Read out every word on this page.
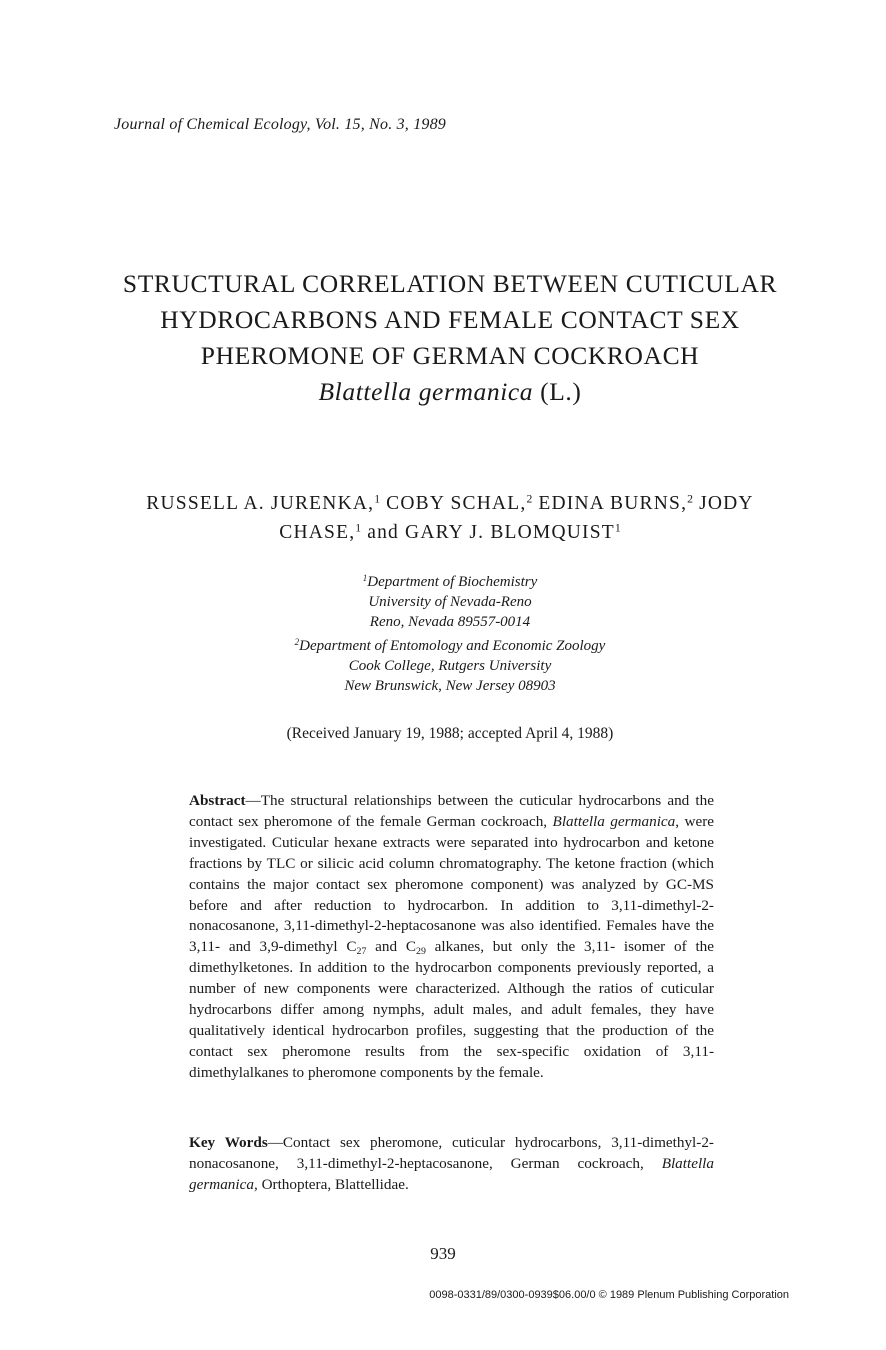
Journal of Chemical Ecology, Vol. 15, No. 3, 1989
STRUCTURAL CORRELATION BETWEEN CUTICULAR
HYDROCARBONS AND FEMALE CONTACT SEX
PHEROMONE OF GERMAN COCKROACH
Blattella germanica (L.)
RUSSELL A. JURENKA,$^1$ COBY SCHAL,$^2$ EDINA BURNS,$^2$ JODY
CHASE,$^1$ and GARY J. BLOMQUIST$^1$
$^1$Department of Biochemistry
University of Nevada-Reno
Reno, Nevada 89557-0014
$^2$Department of Entomology and Economic Zoology
Cook College, Rutgers University
New Brunswick, New Jersey 08903
(Received January 19, 1988; accepted April 4, 1988)
Abstract—The structural relationships between the cuticular hydrocarbons and the contact sex pheromone of the female German cockroach, Blattella germanica, were investigated. Cuticular hexane extracts were separated into hydrocarbon and ketone fractions by TLC or silicic acid column chromatography. The ketone fraction (which contains the major contact sex pheromone component) was analyzed by GC-MS before and after reduction to hydrocarbon. In addition to 3,11-dimethyl-2-nonacosanone, 3,11-dimethyl-2-heptacosanone was also identified. Females have the 3,11- and 3,9-dimethyl $C_{27}$ and $C_{29}$ alkanes, but only the 3,11- isomer of the dimethylketones. In addition to the hydrocarbon components previously reported, a number of new components were characterized. Although the ratios of cuticular hydrocarbons differ among nymphs, adult males, and adult females, they have qualitatively identical hydrocarbon profiles, suggesting that the production of the contact sex pheromone results from the sex-specific oxidation of 3,11-dimethylalkanes to pheromone components by the female.
Key Words—Contact sex pheromone, cuticular hydrocarbons, 3,11-dimethyl-2-nonacosanone, 3,11-dimethyl-2-heptacosanone, German cockroach, Blattella germanica, Orthoptera, Blattellidae.
939
0098-0331/89/0300-0939$06.00/0 © 1989 Plenum Publishing Corporation
